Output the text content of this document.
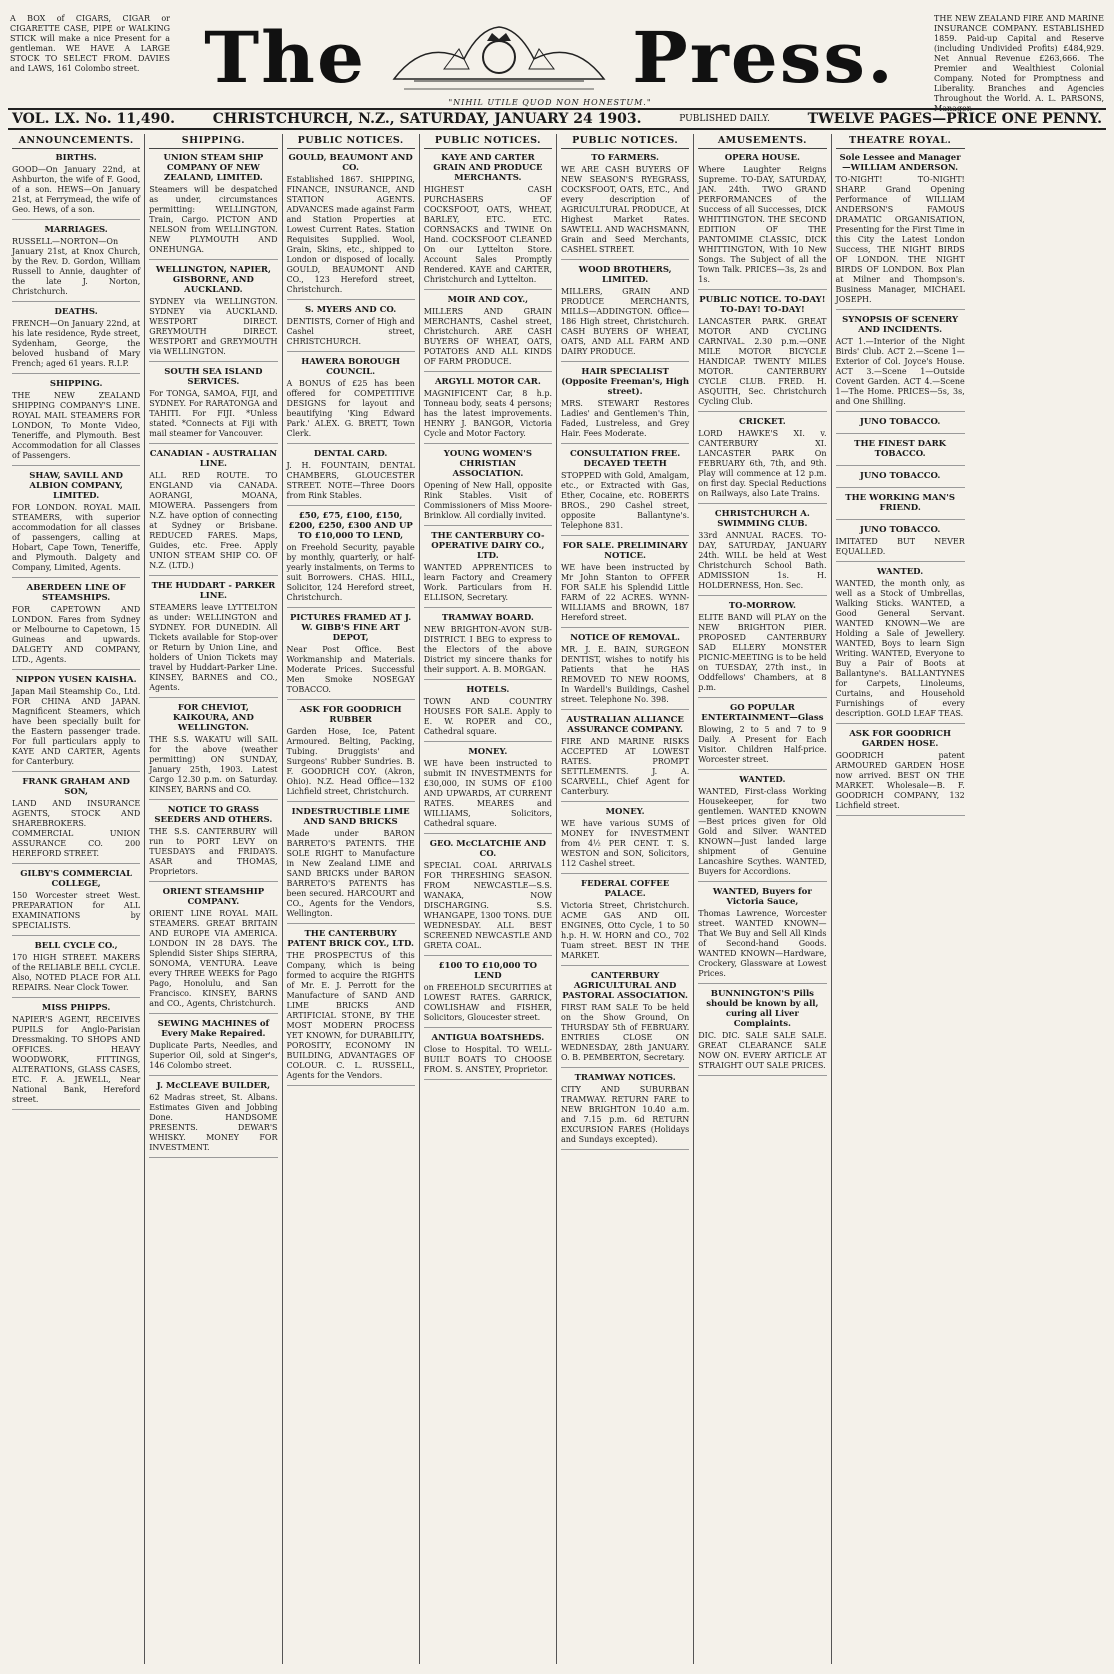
A BOX of CIGARS, CIGAR or CIGARETTE CASE, PIPE or WALKING STICK will make a nice Present for a gentleman. WE HAVE A LARGE STOCK TO SELECT FROM. DAVIES and LAWS, 161 Colombo street. The	Press.
"NIHIL UTILE QUOD NON HONESTUM."
THE NEW ZEALAND FIRE AND MARINE INSURANCE COMPANY. ESTABLISHED 1859. Paid-up Capital and Reserve (including Undivided Profits) £484,929. Net Annual Revenue £263,666. The Premier and Wealthiest Colonial Company. Noted for Promptness and Liberality. Branches and Agencies Throughout the World. A. L. PARSONS, Manager.
VOL. LX. No. 11,490.	CHRISTCHURCH, N.Z., SATURDAY, JANUARY 24 1903.	PUBLISHED DAILY.	TWELVE PAGES—PRICE ONE PENNY.
ANNOUNCEMENTS.
BIRTHS.
GOOD—On January 22nd, at Ashburton, the wife of F. Good, of a son. HEWS—On January 21st, at Ferrymead, the wife of Geo. Hews, of a son.
MARRIAGES.
RUSSELL—NORTON—On January 21st, at Knox Church, by the Rev. D. Gordon, William Russell to Annie, daughter of the late J. Norton, Christchurch.
DEATHS.
FRENCH—On January 22nd, at his late residence, Ryde street, Sydenham, George, the beloved husband of Mary French; aged 61 years. R.I.P.
SHIPPING.
THE NEW ZEALAND SHIPPING COMPANY'S LINE. ROYAL MAIL STEAMERS FOR LONDON, To Monte Video, Teneriffe, and Plymouth. Best Accommodation for all Classes of Passengers.
SHAW, SAVILL AND ALBION COMPANY, LIMITED.
FOR LONDON. ROYAL MAIL STEAMERS, with superior accommodation for all classes of passengers, calling at Hobart, Cape Town, Teneriffe, and Plymouth. Dalgety and Company, Limited, Agents.
ABERDEEN LINE OF STEAMSHIPS.
FOR CAPETOWN AND LONDON. Fares from Sydney or Melbourne to Capetown, 15 Guineas and upwards. DALGETY AND COMPANY, LTD., Agents.
NIPPON YUSEN KAISHA.
Japan Mail Steamship Co., Ltd. FOR CHINA AND JAPAN. Magnificent Steamers, which have been specially built for the Eastern passenger trade. For full particulars apply to KAYE AND CARTER, Agents for Canterbury.
FRANK GRAHAM AND SON,
LAND AND INSURANCE AGENTS, STOCK AND SHAREBROKERS. COMMERCIAL UNION ASSURANCE CO. 200 HEREFORD STREET.
GILBY'S COMMERCIAL COLLEGE,
150 Worcester street West. PREPARATION for ALL EXAMINATIONS by SPECIALISTS.
BELL CYCLE CO.,
170 HIGH STREET. MAKERS of the RELIABLE BELL CYCLE. Also, NOTED PLACE FOR ALL REPAIRS. Near Clock Tower.
MISS PHIPPS.
NAPIER'S AGENT, RECEIVES PUPILS for Anglo-Parisian Dressmaking. TO SHOPS AND OFFICES. HEAVY WOODWORK, FITTINGS, ALTERATIONS, GLASS CASES, ETC. F. A. JEWELL, Near National Bank, Hereford street.
SHIPPING.
UNION STEAM SHIP COMPANY OF NEW ZEALAND, LIMITED.
Steamers will be despatched as under, circumstances permitting: WELLINGTON, Train, Cargo. PICTON AND NELSON from WELLINGTON. NEW PLYMOUTH AND ONEHUNGA.
WELLINGTON, NAPIER, GISBORNE, AND AUCKLAND.
SYDNEY via WELLINGTON. SYDNEY via AUCKLAND. WESTPORT DIRECT. GREYMOUTH DIRECT. WESTPORT and GREYMOUTH via WELLINGTON.
SOUTH SEA ISLAND SERVICES.
For TONGA, SAMOA, FIJI, and SYDNEY. For RARATONGA and TAHITI. For FIJI. *Unless stated. *Connects at Fiji with mail steamer for Vancouver.
CANADIAN - AUSTRALIAN LINE.
ALL RED ROUTE. TO ENGLAND via CANADA. AORANGI, MOANA, MIOWERA. Passengers from N.Z. have option of connecting at Sydney or Brisbane. REDUCED FARES. Maps, Guides, etc. Free. Apply UNION STEAM SHIP CO. OF N.Z. (LTD.)
THE HUDDART - PARKER LINE.
STEAMERS leave LYTTELTON as under: WELLINGTON and SYDNEY. FOR DUNEDIN. All Tickets available for Stop-over or Return by Union Line, and holders of Union Tickets may travel by Huddart-Parker Line. KINSEY, BARNES and CO., Agents.
FOR CHEVIOT, KAIKOURA, AND WELLINGTON.
THE S.S. WAKATU will SAIL for the above (weather permitting) ON SUNDAY, January 25th, 1903. Latest Cargo 12.30 p.m. on Saturday. KINSEY, BARNS and CO.
NOTICE TO GRASS SEEDERS AND OTHERS.
THE S.S. CANTERBURY will run to PORT LEVY on TUESDAYS and FRIDAYS. ASAR and THOMAS, Proprietors.
ORIENT STEAMSHIP COMPANY.
ORIENT LINE ROYAL MAIL STEAMERS. GREAT BRITAIN AND EUROPE VIA AMERICA. LONDON IN 28 DAYS. The Splendid Sister Ships SIERRA, SONOMA, VENTURA. Leave every THREE WEEKS for Pago Pago, Honolulu, and San Francisco. KINSEY, BARNS and CO., Agents, Christchurch.
SEWING MACHINES of Every Make Repaired.
Duplicate Parts, Needles, and Superior Oil, sold at Singer's, 146 Colombo street.
J. McCLEAVE BUILDER,
62 Madras street, St. Albans. Estimates Given and Jobbing Done. HANDSOME PRESENTS. DEWAR'S WHISKY. MONEY FOR INVESTMENT.
PUBLIC NOTICES.
GOULD, BEAUMONT AND CO.
Established 1867. SHIPPING, FINANCE, INSURANCE, AND STATION AGENTS. ADVANCES made against Farm and Station Properties at Lowest Current Rates. Station Requisites Supplied. Wool, Grain, Skins, etc., shipped to London or disposed of locally. GOULD, BEAUMONT AND CO., 123 Hereford street, Christchurch.
S. MYERS AND CO.
DENTISTS, Corner of High and Cashel street, CHRISTCHURCH.
HAWERA BOROUGH COUNCIL.
A BONUS of £25 has been offered for COMPETITIVE DESIGNS for layout and beautifying 'King Edward Park.' ALEX. G. BRETT, Town Clerk.
DENTAL CARD.
J. H. FOUNTAIN, DENTAL CHAMBERS, GLOUCESTER STREET. NOTE—Three Doors from Rink Stables.
£50, £75, £100, £150, £200, £250, £300 AND UP TO £10,000 TO LEND,
on Freehold Security, payable by monthly, quarterly, or half-yearly instalments, on Terms to suit Borrowers. CHAS. HILL, Solicitor, 124 Hereford street, Christchurch.
PICTURES FRAMED AT J. W. GIBB'S FINE ART DEPOT,
Near Post Office. Best Workmanship and Materials. Moderate Prices. Successful Men Smoke NOSEGAY TOBACCO.
ASK FOR GOODRICH RUBBER
Garden Hose, Ice, Patent Armoured. Belting, Packing, Tubing. Druggists' and Surgeons' Rubber Sundries. B. F. GOODRICH COY. (Akron, Ohio). N.Z. Head Office—132 Lichfield street, Christchurch.
INDESTRUCTIBLE LIME AND SAND BRICKS
Made under BARON BARRETO'S PATENTS. THE SOLE RIGHT to Manufacture in New Zealand LIME and SAND BRICKS under BARON BARRETO'S PATENTS has been secured. HARCOURT and CO., Agents for the Vendors, Wellington.
THE CANTERBURY PATENT BRICK COY., LTD.
THE PROSPECTUS of this Company, which is being formed to acquire the RIGHTS of Mr. E. J. Perrott for the Manufacture of SAND AND LIME BRICKS AND ARTIFICIAL STONE, BY THE MOST MODERN PROCESS YET KNOWN, for DURABILITY, POROSITY, ECONOMY IN BUILDING, ADVANTAGES OF COLOUR. C. L. RUSSELL, Agents for the Vendors.
PUBLIC NOTICES.
KAYE AND CARTER GRAIN AND PRODUCE MERCHANTS.
HIGHEST CASH PURCHASERS OF COCKSFOOT, OATS, WHEAT, BARLEY, ETC. ETC. CORNSACKS and TWINE On Hand. COCKSFOOT CLEANED On our Lyttelton Store. Account Sales Promptly Rendered. KAYE and CARTER, Christchurch and Lyttelton.
MOIR AND COY.,
MILLERS AND GRAIN MERCHANTS, Cashel street, Christchurch. ARE CASH BUYERS OF WHEAT, OATS, POTATOES AND ALL KINDS OF FARM PRODUCE.
ARGYLL MOTOR CAR.
MAGNIFICENT Car, 8 h.p. Tonneau body, seats 4 persons; has the latest improvements. HENRY J. BANGOR, Victoria Cycle and Motor Factory.
YOUNG WOMEN'S CHRISTIAN ASSOCIATION.
Opening of New Hall, opposite Rink Stables. Visit of Commissioners of Miss Moore-Brinklow. All cordially invited.
THE CANTERBURY CO-OPERATIVE DAIRY CO., LTD.
WANTED APPRENTICES to learn Factory and Creamery Work. Particulars from H. ELLISON, Secretary.
TRAMWAY BOARD.
NEW BRIGHTON-AVON SUB-DISTRICT. I BEG to express to the Electors of the above District my sincere thanks for their support. A. B. MORGAN.
HOTELS.
TOWN AND COUNTRY HOUSES FOR SALE. Apply to E. W. ROPER and CO., Cathedral square.
MONEY.
WE have been instructed to submit IN INVESTMENTS for £30,000, IN SUMS OF £100 AND UPWARDS, AT CURRENT RATES. MEARES and WILLIAMS, Solicitors, Cathedral square.
GEO. McCLATCHIE AND CO.
SPECIAL COAL ARRIVALS FOR THRESHING SEASON. FROM NEWCASTLE—S.S. WANAKA, NOW DISCHARGING. S.S. WHANGAPE, 1300 TONS. DUE WEDNESDAY. ALL BEST SCREENED NEWCASTLE AND GRETA COAL.
£100 TO £10,000 TO LEND
on FREEHOLD SECURITIES at LOWEST RATES. GARRICK, COWLISHAW and FISHER, Solicitors, Gloucester street.
ANTIGUA BOATSHEDS.
Close to Hospital. TO WELL-BUILT BOATS TO CHOOSE FROM. S. ANSTEY, Proprietor.
PUBLIC NOTICES.
TO FARMERS.
WE ARE CASH BUYERS OF NEW SEASON'S RYEGRASS, COCKSFOOT, OATS, ETC., And every description of AGRICULTURAL PRODUCE, At Highest Market Rates. SAWTELL AND WACHSMANN, Grain and Seed Merchants, CASHEL STREET.
WOOD BROTHERS, LIMITED.
MILLERS, GRAIN AND PRODUCE MERCHANTS, MILLS—ADDINGTON. Office—186 High street, Christchurch. CASH BUYERS OF WHEAT, OATS, AND ALL FARM AND DAIRY PRODUCE.
HAIR SPECIALIST (Opposite Freeman's, High street).
MRS. STEWART Restores Ladies' and Gentlemen's Thin, Faded, Lustreless, and Grey Hair. Fees Moderate.
CONSULTATION FREE. DECAYED TEETH
STOPPED with Gold, Amalgam, etc., or Extracted with Gas, Ether, Cocaine, etc. ROBERTS BROS., 290 Cashel street, opposite Ballantyne's. Telephone 831.
FOR SALE. PRELIMINARY NOTICE.
WE have been instructed by Mr John Stanton to OFFER FOR SALE his Splendid Little FARM of 22 ACRES. WYNN-WILLIAMS and BROWN, 187 Hereford street.
NOTICE OF REMOVAL.
MR. J. E. BAIN, SURGEON DENTIST, wishes to notify his Patients that he HAS REMOVED TO NEW ROOMS, In Wardell's Buildings, Cashel street. Telephone No. 398.
AUSTRALIAN ALLIANCE ASSURANCE COMPANY.
FIRE AND MARINE RISKS ACCEPTED AT LOWEST RATES. PROMPT SETTLEMENTS. J. A. SCARVELL, Chief Agent for Canterbury.
MONEY.
WE have various SUMS of MONEY for INVESTMENT from 4½ PER CENT. T. S. WESTON and SON, Solicitors, 112 Cashel street.
FEDERAL COFFEE PALACE.
Victoria Street, Christchurch. ACME GAS AND OIL ENGINES, Otto Cycle, 1 to 50 h.p. H. W. HORN and CO., 702 Tuam street. BEST IN THE MARKET.
CANTERBURY AGRICULTURAL AND PASTORAL ASSOCIATION.
FIRST RAM SALE To be held on the Show Ground, On THURSDAY 5th of FEBRUARY. ENTRIES CLOSE ON WEDNESDAY, 28th JANUARY. O. B. PEMBERTON, Secretary.
TRAMWAY NOTICES.
CITY AND SUBURBAN TRAMWAY. RETURN FARE to NEW BRIGHTON 10.40 a.m. and 7.15 p.m. 6d RETURN EXCURSION FARES (Holidays and Sundays excepted).
AMUSEMENTS.
OPERA HOUSE.
Where Laughter Reigns Supreme. TO-DAY, SATURDAY, JAN. 24th. TWO GRAND PERFORMANCES of the Success of all Successes, DICK WHITTINGTON. THE SECOND EDITION OF THE PANTOMIME CLASSIC, DICK WHITTINGTON, With 10 New Songs. The Subject of all the Town Talk. PRICES—3s, 2s and 1s.
PUBLIC NOTICE. TO-DAY! TO-DAY! TO-DAY!
LANCASTER PARK. GREAT MOTOR AND CYCLING CARNIVAL. 2.30 p.m.—ONE MILE MOTOR BICYCLE HANDICAP. TWENTY MILES MOTOR. CANTERBURY CYCLE CLUB. FRED. H. ASQUITH, Sec. Christchurch Cycling Club.
CRICKET.
LORD HAWKE'S XI. v. CANTERBURY XI. LANCASTER PARK On FEBRUARY 6th, 7th, and 9th. Play will commence at 12 p.m. on first day. Special Reductions on Railways, also Late Trains.
CHRISTCHURCH A. SWIMMING CLUB.
33rd ANNUAL RACES. TO-DAY, SATURDAY, JANUARY 24th. WILL be held at West Christchurch School Bath. ADMISSION 1s. H. HOLDERNESS, Hon. Sec.
TO-MORROW.
ELITE BAND will PLAY on the NEW BRIGHTON PIER. PROPOSED CANTERBURY SAD ELLERY MONSTER PICNIC-MEETING is to be held on TUESDAY, 27th inst., in Oddfellows' Chambers, at 8 p.m.
GO POPULAR ENTERTAINMENT—Glass
Blowing, 2 to 5 and 7 to 9 Daily. A Present for Each Visitor. Children Half-price. Worcester street.
WANTED.
WANTED, First-class Working Housekeeper, for two gentlemen. WANTED KNOWN—Best prices given for Old Gold and Silver. WANTED KNOWN—Just landed large shipment of Genuine Lancashire Scythes. WANTED, Buyers for Accordions.
WANTED, Buyers for Victoria Sauce,
Thomas Lawrence, Worcester street. WANTED KNOWN—That We Buy and Sell All Kinds of Second-hand Goods. WANTED KNOWN—Hardware, Crockery, Glassware at Lowest Prices.
BUNNINGTON'S Pills should be known by all, curing all Liver Complaints.
DIC. DIC. SALE SALE SALE. GREAT CLEARANCE SALE NOW ON. EVERY ARTICLE AT STRAIGHT OUT SALE PRICES.
THEATRE ROYAL.
Sole Lessee and Manager—WILLIAM ANDERSON.
TO-NIGHT! TO-NIGHT! SHARP. Grand Opening Performance of WILLIAM ANDERSON'S FAMOUS DRAMATIC ORGANISATION, Presenting for the First Time in this City the Latest London Success, THE NIGHT BIRDS OF LONDON. THE NIGHT BIRDS OF LONDON. Box Plan at Milner and Thompson's. Business Manager, MICHAEL JOSEPH.
SYNOPSIS OF SCENERY AND INCIDENTS.
ACT 1.—Interior of the Night Birds' Club. ACT 2.—Scene 1—Exterior of Col. Joyce's House. ACT 3.—Scene 1—Outside Covent Garden. ACT 4.—Scene 1—The Home. PRICES—5s, 3s, and One Shilling.
JUNO TOBACCO.
THE FINEST DARK TOBACCO.
JUNO TOBACCO.
THE WORKING MAN'S FRIEND.
JUNO TOBACCO.
IMITATED BUT NEVER EQUALLED.
WANTED.
WANTED, the month only, as well as a Stock of Umbrellas, Walking Sticks. WANTED, a Good General Servant. WANTED KNOWN—We are Holding a Sale of Jewellery. WANTED, Boys to learn Sign Writing. WANTED, Everyone to Buy a Pair of Boots at Ballantyne's. BALLANTYNES for Carpets, Linoleums, Curtains, and Household Furnishings of every description. GOLD LEAF TEAS.
ASK FOR GOODRICH GARDEN HOSE.
GOODRICH patent ARMOURED GARDEN HOSE now arrived. BEST ON THE MARKET. Wholesale—B. F. GOODRICH COMPANY, 132 Lichfield street.
